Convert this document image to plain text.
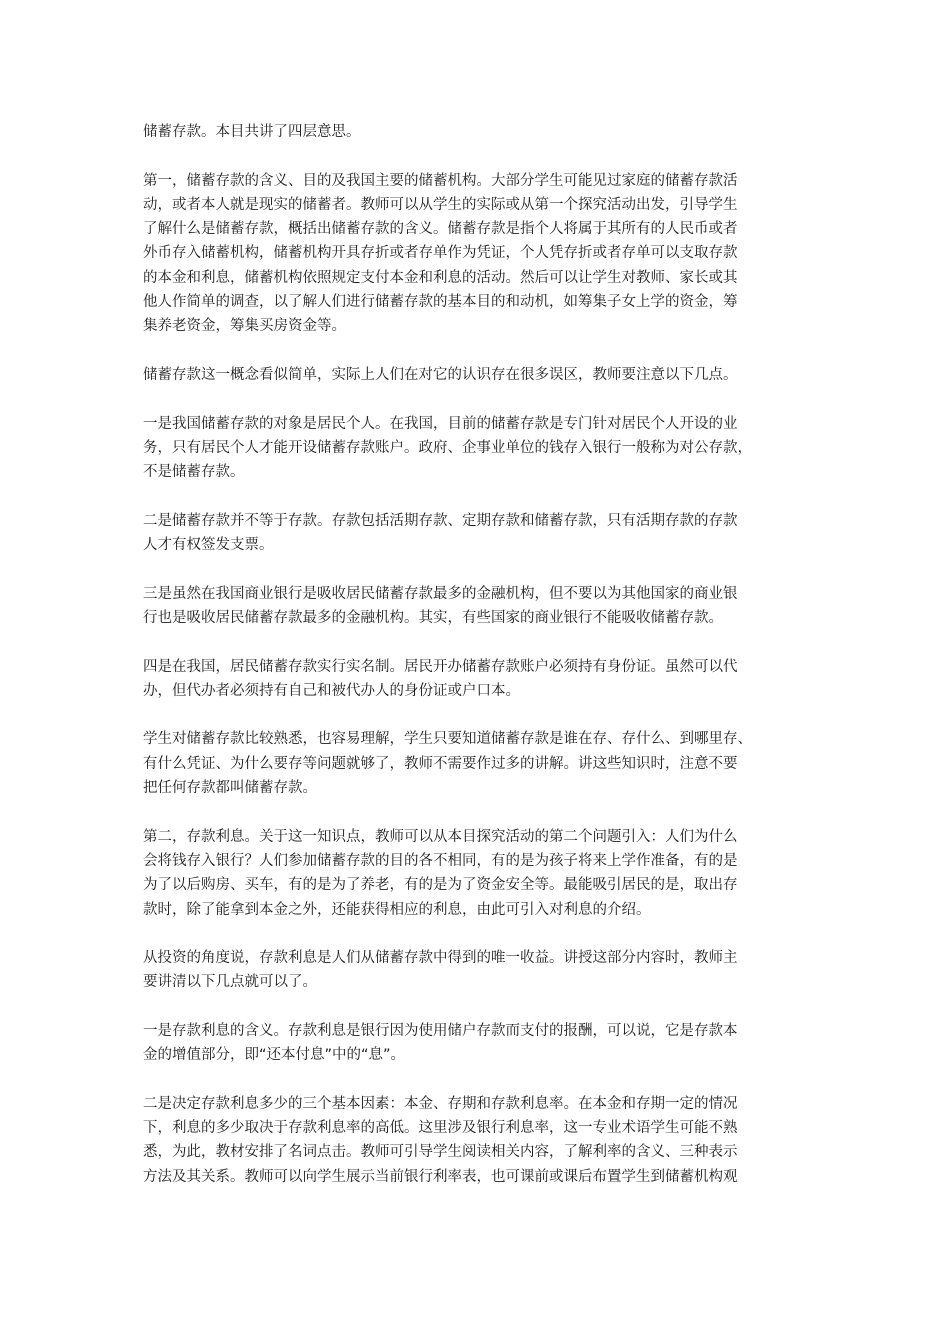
储蓄存款。本目共讲了四层意思。
第一，储蓄存款的含义、目的及我国主要的储蓄机构。大部分学生可能见过家庭的储蓄存款活
动，或者本人就是现实的储蓄者。教师可以从学生的实际或从第一个探究活动出发，引导学生
了解什么是储蓄存款，概括出储蓄存款的含义。储蓄存款是指个人将属于其所有的人民币或者
外币存入储蓄机构，储蓄机构开具存折或者存单作为凭证，个人凭存折或者存单可以支取存款
的本金和利息，储蓄机构依照规定支付本金和利息的活动。然后可以让学生对教师、家长或其
他人作简单的调查，以了解人们进行储蓄存款的基本目的和动机，如筹集子女上学的资金，筹
集养老资金，筹集买房资金等。
储蓄存款这一概念看似简单，实际上人们在对它的认识存在很多误区，教师要注意以下几点。
一是我国储蓄存款的对象是居民个人。在我国，目前的储蓄存款是专门针对居民个人开设的业
务，只有居民个人才能开设储蓄存款账户。政府、企事业单位的钱存入银行一般称为对公存款，
不是储蓄存款。
二是储蓄存款并不等于存款。存款包括活期存款、定期存款和储蓄存款，只有活期存款的存款
人才有权签发支票。
三是虽然在我国商业银行是吸收居民储蓄存款最多的金融机构，但不要以为其他国家的商业银
行也是吸收居民储蓄存款最多的金融机构。其实，有些国家的商业银行不能吸收储蓄存款。
四是在我国，居民储蓄存款实行实名制。居民开办储蓄存款账户必须持有身份证。虽然可以代
办，但代办者必须持有自己和被代办人的身份证或户口本。
学生对储蓄存款比较熟悉，也容易理解，学生只要知道储蓄存款是谁在存、存什么、到哪里存、
有什么凭证、为什么要存等问题就够了，教师不需要作过多的讲解。讲这些知识时，注意不要
把任何存款都叫储蓄存款。
第二，存款利息。关于这一知识点，教师可以从本目探究活动的第二个问题引入：人们为什么
会将钱存入银行？人们参加储蓄存款的目的各不相同，有的是为孩子将来上学作准备，有的是
为了以后购房、买车，有的是为了养老，有的是为了资金安全等。最能吸引居民的是，取出存
款时，除了能拿到本金之外，还能获得相应的利息，由此可引入对利息的介绍。
从投资的角度说，存款利息是人们从储蓄存款中得到的唯一收益。讲授这部分内容时，教师主
要讲清以下几点就可以了。
一是存款利息的含义。存款利息是银行因为使用储户存款而支付的报酬，可以说，它是存款本
金的增值部分，即“还本付息”中的“息”。
二是决定存款利息多少的三个基本因素：本金、存期和存款利息率。在本金和存期一定的情况
下，利息的多少取决于存款利息率的高低。这里涉及银行利息率，这一专业术语学生可能不熟
悉，为此，教材安排了名词点击。教师可引导学生阅读相关内容，了解利率的含义、三种表示
方法及其关系。教师可以向学生展示当前银行利率表，也可课前或课后布置学生到储蓄机构观
